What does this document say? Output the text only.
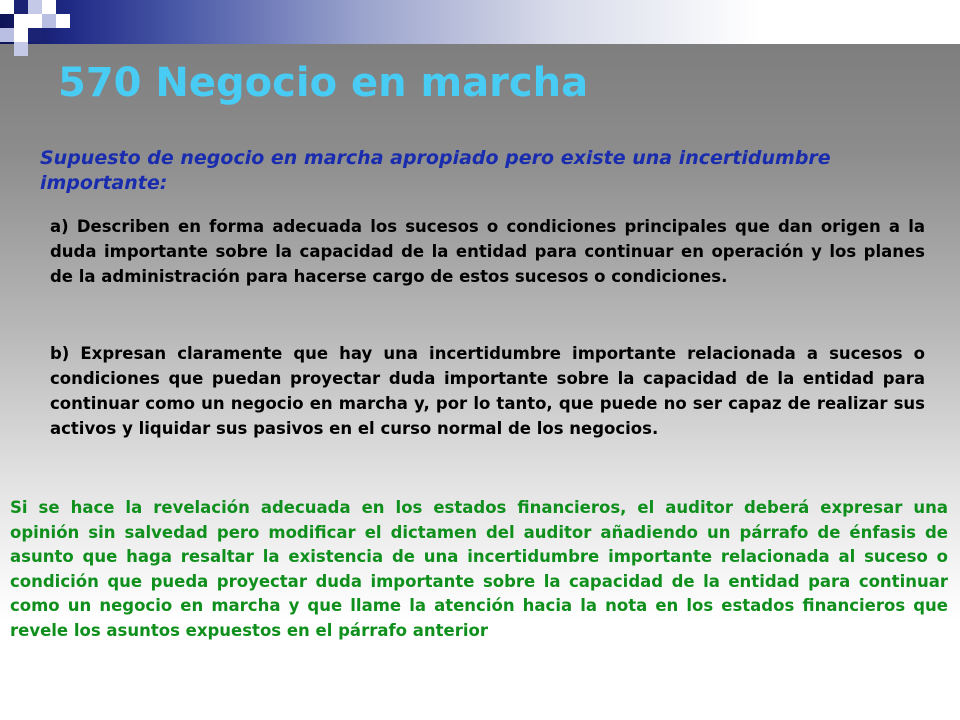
570 Negocio en marcha

Supuesto de negocio en marcha apropiado pero existe una incertidumbre importante:

a) Describen en forma adecuada los sucesos o condiciones principales que dan origen a la duda importante sobre la capacidad de la entidad para continuar en operación y los planes de la administración para hacerse cargo de estos sucesos o condiciones.

b) Expresan claramente que hay una incertidumbre importante relacionada a sucesos o condiciones que puedan proyectar duda importante sobre la capacidad de la entidad para continuar como un negocio en marcha y, por lo tanto, que puede no ser capaz de realizar sus activos y liquidar sus pasivos en el curso normal de los negocios.

Si se hace la revelación adecuada en los estados financieros, el auditor deberá expresar una opinión sin salvedad pero modificar el dictamen del auditor añadiendo un párrafo de énfasis de asunto que haga resaltar la existencia de una incertidumbre importante relacionada al suceso o condición que pueda proyectar duda importante sobre la capacidad de la entidad para continuar como un negocio en marcha y que llame la atención hacia la nota en los estados financieros que revele los asuntos expuestos en el párrafo anterior
